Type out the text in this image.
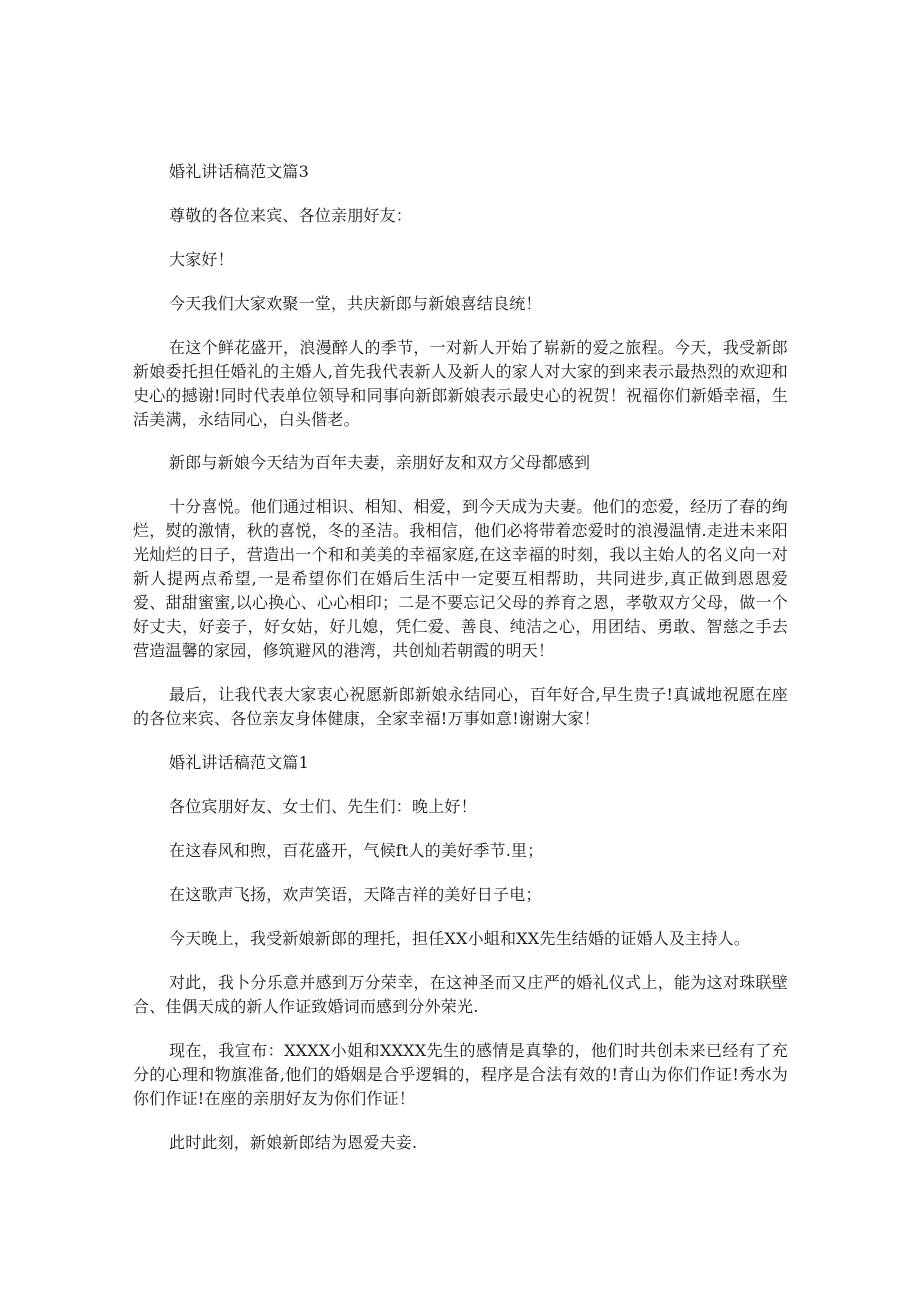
婚礼讲话稿范文篇3

尊敬的各位来宾、各位亲朋好友：

大家好！

今天我们大家欢聚一堂，共庆新郎与新娘喜结良统！

在这个鲜花盛开，浪漫醉人的季节，一对新人开始了崭新的爱之旅程。今天，我受新郎新娘委托担任婚礼的主婚人,首先我代表新人及新人的家人对大家的到来表示最热烈的欢迎和史心的撼谢!同时代表单位领导和同事向新郎新娘表示最史心的祝贺！祝福你们新婚幸福，生活美满，永结同心，白头偕老。

新郎与新娘今天结为百年夫妻，亲朋好友和双方父母都感到

十分喜悦。他们通过相识、相知、相爱，到今天成为夫妻。他们的恋爱，经历了春的绚烂，熨的激情，秋的喜悦，冬的圣洁。我相信，他们必将带着恋爱时的浪漫温情.走进未来阳光灿烂的日子，营造出一个和和美美的幸福家庭,在这幸福的时刻，我以主始人的名义向一对新人提两点希望,一是希望你们在婚后生活中一定要互相帮助，共同进步,真正做到恩恩爱爱、甜甜蜜蜜,以心换心、心心相印；二是不要忘记父母的养育之恩，孝敬双方父母，做一个好丈夫，好妾子，好女姑，好儿媳，凭仁爱、善良、纯洁之心，用团结、勇敢、智慈之手去营造温馨的家园，修筑避风的港湾，共创灿若朝霞的明天！

最后，让我代表大家衷心祝愿新郎新娘永结同心，百年好合,早生贵子!真诚地祝愿在座的各位来宾、各位亲友身体健康，全家幸福!万事如意!谢谢大家！

婚礼讲话稿范文篇1

各位宾朋好友、女士们、先生们：晚上好！

在这春风和煦，百花盛开，气候ft人的美好季节.里；

在这歌声飞扬，欢声笑语，天降吉祥的美好日子电；

今天晚上，我受新娘新郎的理托，担任XX小蛆和XX先生结婚的证婚人及主持人。

对此，我卜分乐意并感到万分荣幸，在这神圣而又庄严的婚礼仪式上，能为这对珠联壁合、佳偶天成的新人作证致婚词而感到分外荣光.

现在，我宣布：XXXX小姐和XXXX先生的感情是真挚的，他们时共创未来已经有了充分的心理和物旗准备,他们的婚姻是合乎逻辑的，程序是合法有效的!青山为你们作证!秀水为你们作证!在座的亲朋好友为你们作证！

此时此刻，新娘新郎结为恩爱夫妾.
